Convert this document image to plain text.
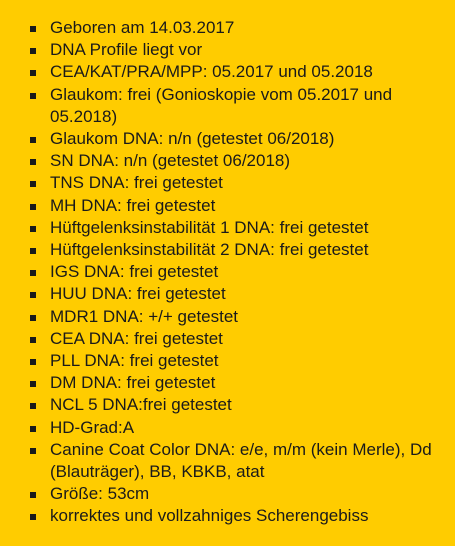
Geboren am 14.03.2017
DNA Profile liegt vor
CEA/KAT/PRA/MPP: 05.2017 und 05.2018
Glaukom: frei (Gonioskopie vom 05.2017 und 05.2018)
Glaukom DNA: n/n (getestet 06/2018)
SN DNA: n/n (getestet 06/2018)
TNS DNA: frei getestet
MH DNA: frei getestet
Hüftgelenksinstabilität 1 DNA: frei getestet
Hüftgelenksinstabilität 2 DNA: frei getestet
IGS DNA: frei getestet
HUU DNA: frei getestet
MDR1 DNA: +/+ getestet
CEA DNA: frei getestet
PLL DNA: frei getestet
DM DNA: frei getestet
NCL 5 DNA:frei getestet
HD-Grad:A
Canine Coat Color DNA: e/e, m/m (kein Merle), Dd (Blauträger), BB, KBKB, atat
Größe: 53cm
korrektes und vollzahniges Scherengebiss
